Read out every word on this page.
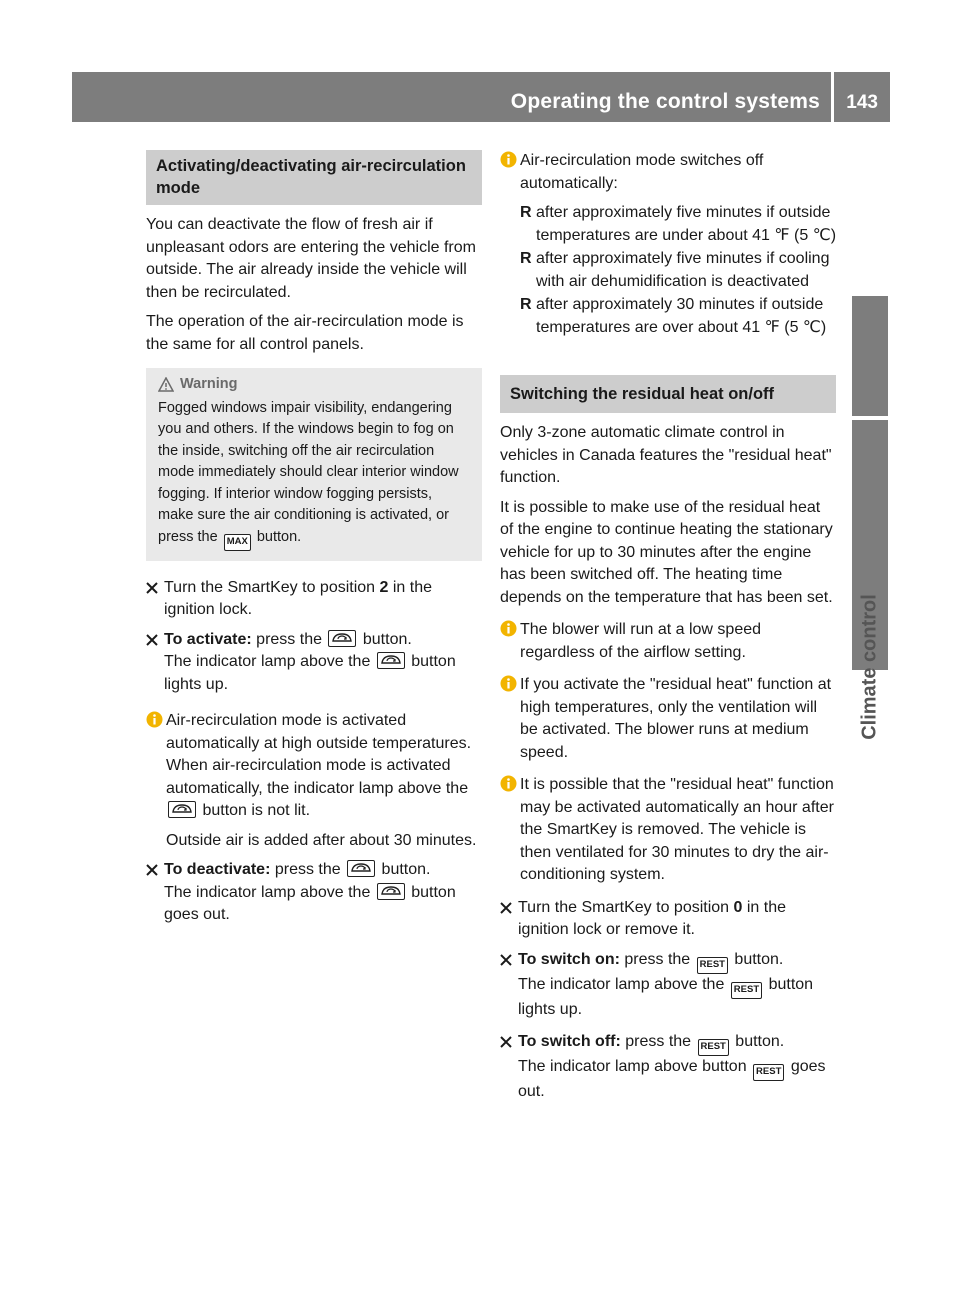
Operating the control systems 143
Climate control
Activating/deactivating air-recirculation mode

You can deactivate the flow of fresh air if unpleasant odors are entering the vehicle from outside. The air already inside the vehicle will then be recirculated.

The operation of the air-recirculation mode is the same for all control panels.

Warning
Fogged windows impair visibility, endangering you and others. If the windows begin to fog on the inside, switching off the air recirculation mode immediately should clear interior window fogging. If interior window fogging persists, make sure the air conditioning is activated, or press the MAX button.
Turn the SmartKey to position 2 in the ignition lock.
To activate: press the
button.
The indicator lamp above the
button lights up.
Air-recirculation mode is activated automatically at high outside temperatures. When air-recirculation mode is activated automatically, the indicator lamp above the
button is not lit.

Outside air is added after about 30 minutes.

To deactivate: press the
button.
The indicator lamp above the
button goes out.
Air-recirculation mode switches off automatically:
R after approximately five minutes if outside temperatures are under about 41 ℉ (5 ℃)
R after approximately five minutes if cooling with air dehumidification is deactivated
R after approximately 30 minutes if outside temperatures are over about 41 ℉ (5 ℃)
Switching the residual heat on/off

Only 3-zone automatic climate control in vehicles in Canada features the "residual heat" function.

It is possible to make use of the residual heat of the engine to continue heating the stationary vehicle for up to 30 minutes after the engine has been switched off. The heating time depends on the temperature that has been set.

The blower will run at a low speed regardless of the airflow setting.
If you activate the "residual heat" function at high temperatures, only the ventilation will be activated. The blower runs at medium speed.
It is possible that the "residual heat" function may be activated automatically an hour after the SmartKey is removed. The vehicle is then ventilated for 30 minutes to dry the air-conditioning system.
Turn the SmartKey to position 0 in the ignition lock or remove it.
To switch on: press the REST button.
The indicator lamp above the REST button lights up.
To switch off: press the REST button.
The indicator lamp above button REST goes out.
